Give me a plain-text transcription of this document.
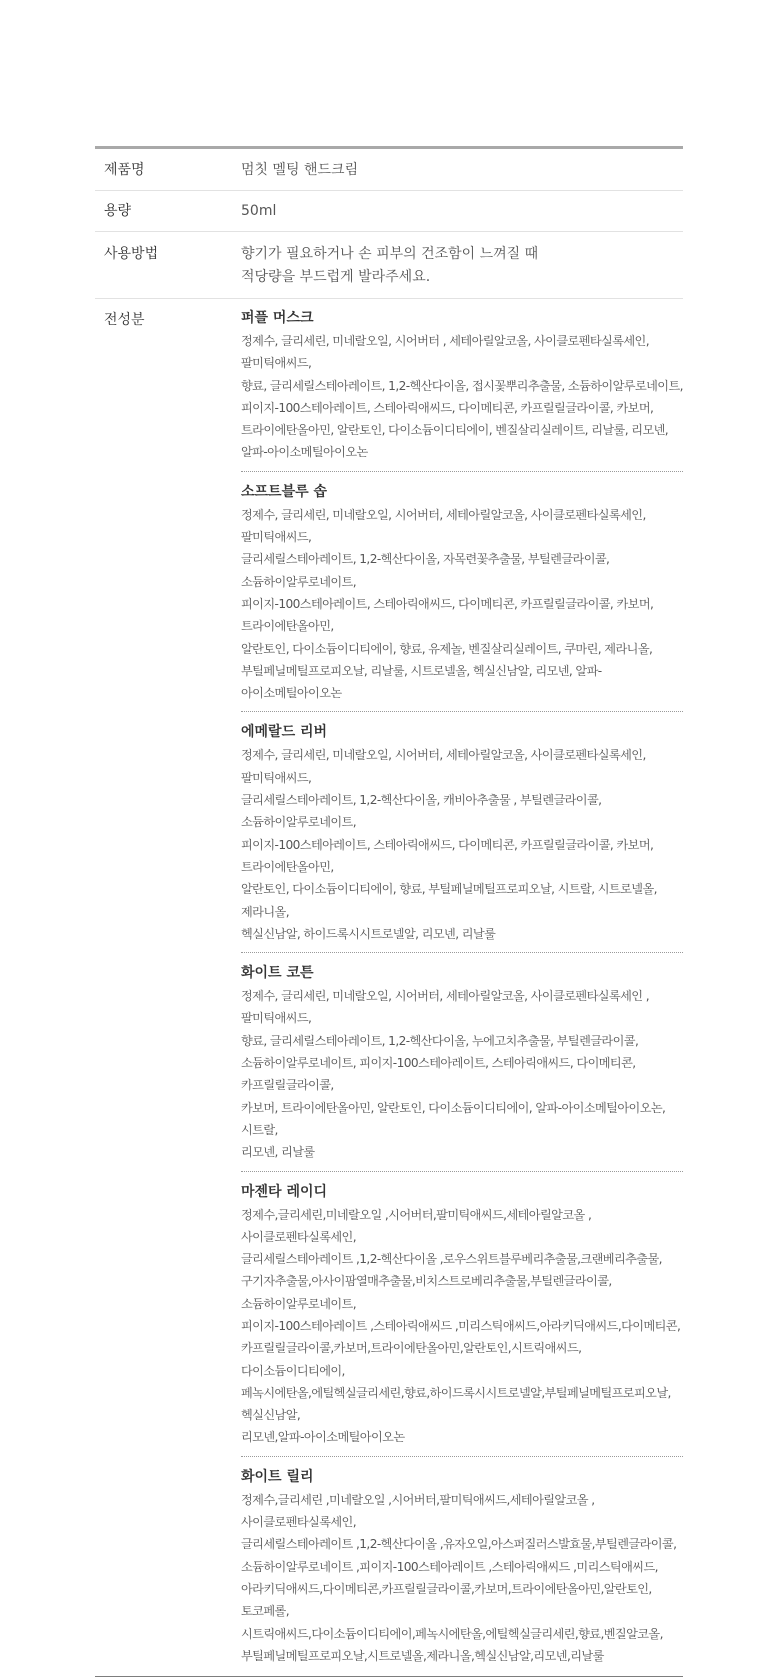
제품명	멈칫 멜팅 핸드크림
용량	50ml
사용방법	향기가 필요하거나 손 피부의 건조함이 느껴질 때
적당량을 부드럽게 발라주세요.
전성분	퍼플 머스크
정제수, 글리세린, 미네랄오일, 시어버터 , 세테아릴알코올, 사이클로펜타실록세인, 팔미틱애씨드,
향료, 글리세릴스테아레이트, 1,2-헥산다이올, 접시꽃뿌리추출물, 소듐하이알루로네이트,
피이지-100스테아레이트, 스테아릭애씨드, 다이메티콘, 카프릴릴글라이콜, 카보머,
트라이에탄올아민, 알란토인, 다이소듐이디티에이, 벤질살리실레이트, 리날룰, 리모넨,
알파-아이소메틸아이오논
소프트블루 솝
정제수, 글리세린, 미네랄오일, 시어버터, 세테아릴알코올, 사이클로펜타실록세인, 팔미틱애씨드,
글리세릴스테아레이트, 1,2-헥산다이올, 자목련꽃추출물, 부틸렌글라이콜, 소듐하이알루로네이트,
피이지-100스테아레이트, 스테아릭애씨드, 다이메티콘, 카프릴릴글라이콜, 카보머, 트라이에탄올아민,
알란토인, 다이소듐이디티에이, 향료, 유제놀, 벤질살리실레이트, 쿠마린, 제라니올,
부틸페닐메틸프로피오날, 리날룰, 시트로넬올, 헥실신남알, 리모넨, 알파-아이소메틸아이오논
에메랄드 리버
정제수, 글리세린, 미네랄오일, 시어버터, 세테아릴알코올, 사이클로펜타실록세인, 팔미틱애씨드,
글리세릴스테아레이트, 1,2-헥산다이올, 캐비아추출물 , 부틸렌글라이콜, 소듐하이알루로네이트,
피이지-100스테아레이트, 스테아릭애씨드, 다이메티콘, 카프릴릴글라이콜, 카보머, 트라이에탄올아민,
알란토인, 다이소듐이디티에이, 향료, 부틸페닐메틸프로피오날, 시트랄, 시트로넬올, 제라니올,
헥실신남알, 하이드록시시트로넬알, 리모넨, 리날룰
화이트 코튼
정제수, 글리세린, 미네랄오일, 시어버터, 세테아릴알코올, 사이클로펜타실록세인 , 팔미틱애씨드,
향료, 글리세릴스테아레이트, 1,2-헥산다이올, 누에고치추출물, 부틸렌글라이콜,
소듐하이알루로네이트, 피이지-100스테아레이트, 스테아릭애씨드, 다이메티콘, 카프릴릴글라이콜,
카보머, 트라이에탄올아민, 알란토인, 다이소듐이디티에이, 알파-아이소메틸아이오논, 시트랄,
리모넨, 리날룰
마젠타 레이디
정제수,글리세린,미네랄오일 ,시어버터,팔미틱애씨드,세테아릴알코올 ,사이클로펜타실록세인,
글리세릴스테아레이트 ,1,2-헥산다이올 ,로우스위트블루베리추출물,크랜베리추출물,
구기자추출물,아사이팜열매추출물,비치스트로베리추출물,부틸렌글라이콜,소듐하이알루로네이트,
피이지-100스테아레이트 ,스테아릭애씨드 ,미리스틱애씨드,아라키딕애씨드,다이메티콘,
카프릴릴글라이콜,카보머,트라이에탄올아민,알란토인,시트릭애씨드,다이소듐이디티에이,
페녹시에탄올,에틸헥실글리세린,향료,하이드록시시트로넬알,부틸페닐메틸프로피오날,헥실신남알,
리모넨,알파-아이소메틸아이오논
화이트 릴리
정제수,글리세린 ,미네랄오일 ,시어버터,팔미틱애씨드,세테아릴알코올 ,사이클로펜타실록세인,
글리세릴스테아레이트 ,1,2-헥산다이올 ,유자오일,아스퍼질러스발효물,부틸렌글라이콜,
소듐하이알루로네이트 ,피이지-100스테아레이트 ,스테아릭애씨드 ,미리스틱애씨드,
아라키딕애씨드,다이메티콘,카프릴릴글라이콜,카보머,트라이에탄올아민,알란토인,토코페롤,
시트릭애씨드,다이소듐이디티에이,페녹시에탄올,에틸헥실글리세린,향료,벤질알코올,
부틸페닐메틸프로피오날,시트로넬올,제라니올,헥실신남알,리모넨,리날룰
